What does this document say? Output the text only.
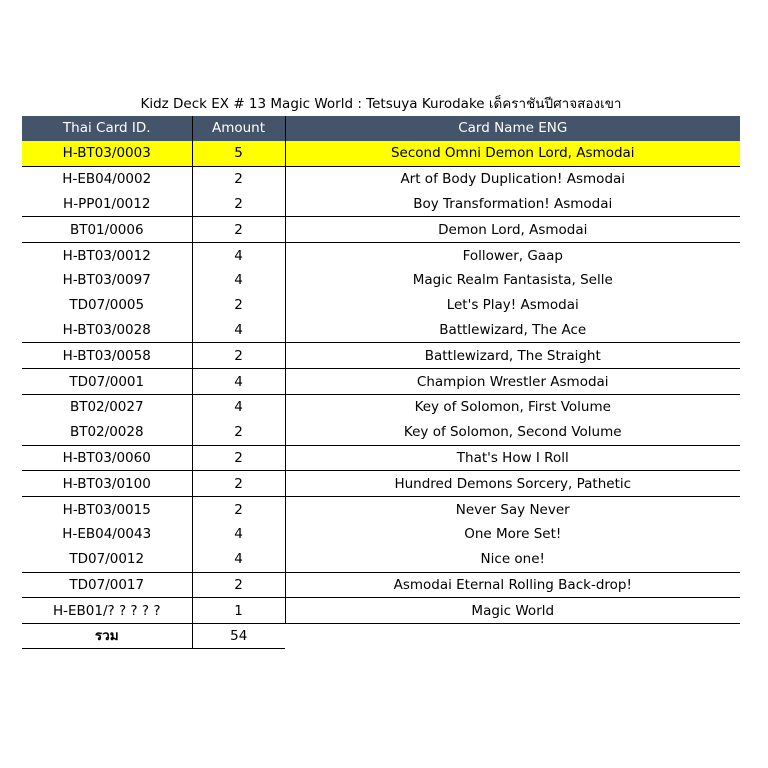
Kidz Deck EX # 13 Magic World : Tetsuya Kurodake เด็คราชันปีศาจสองเขา
Thai Card ID.	Amount	Card Name ENG
H-BT03/0003	5	Second Omni Demon Lord, Asmodai
H-EB04/0002	2	Art of Body Duplication! Asmodai
H-PP01/0012	2	Boy Transformation! Asmodai
BT01/0006	2	Demon Lord, Asmodai
H-BT03/0012	4	Follower, Gaap
H-BT03/0097	4	Magic Realm Fantasista, Selle
TD07/0005	2	Let's Play! Asmodai
H-BT03/0028	4	Battlewizard, The Ace
H-BT03/0058	2	Battlewizard, The Straight
TD07/0001	4	Champion Wrestler Asmodai
BT02/0027	4	Key of Solomon, First Volume
BT02/0028	2	Key of Solomon, Second Volume
H-BT03/0060	2	That's How I Roll
H-BT03/0100	2	Hundred Demons Sorcery, Pathetic
H-BT03/0015	2	Never Say Never
H-EB04/0043	4	One More Set!
TD07/0012	4	Nice one!
TD07/0017	2	Asmodai Eternal Rolling Back-drop!
H-EB01/? ? ? ? ?	1	Magic World
รวม	54	
